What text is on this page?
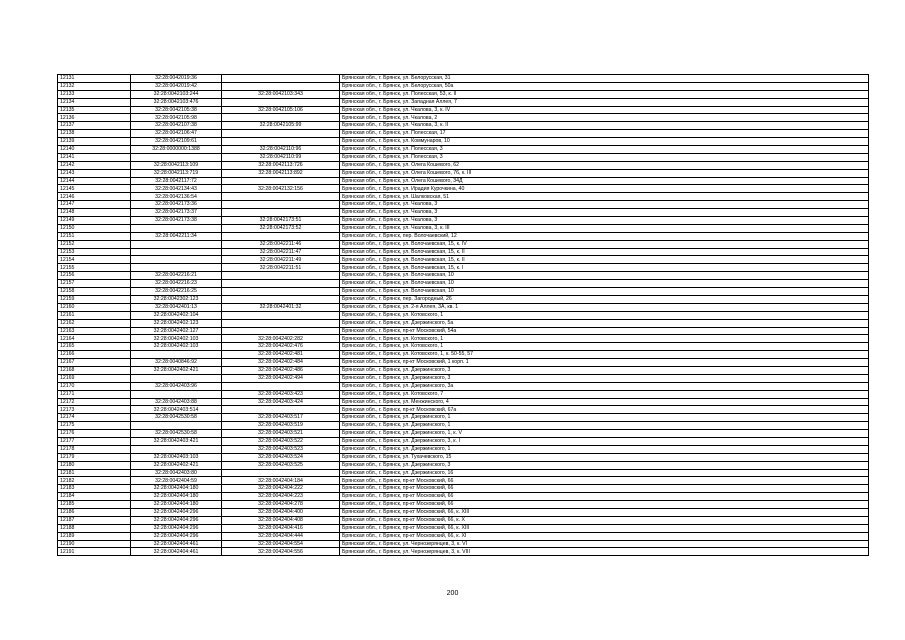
12131	32:28:0042019:36		Брянская обл., г. Брянск, ул. Белорусская, 31
12132	32:28:0042019:42		Брянская обл., г. Брянск, ул. Белорусская, 50а
12133	32:28:0042103:244	32:28:0042103:343	Брянская обл., г. Брянск, ул. Полесская, 53, к. II
12134	32:28:0042103:476		Брянская обл., г. Брянск, ул. Западная Аллея, 7
12135	32:28:0042105:38	32:28:0042105:106	Брянская обл., г. Брянск, ул. Чкалова, 3, к. IV
12136	32:28:0042105:98		Брянская обл., г. Брянск, ул. Чкалова, 2
12137	32:28:0042107:38	32:28:0042105:99	Брянская обл., г. Брянск, ул. Чкалова, 3, к. II
12138	32:28:0042106:47		Брянская обл., г. Брянск, ул. Полесская, 17
12139	32:28:0042109:61		Брянская обл., г. Брянск, ул. Коммунаров, 10
12140	32:28:0000000:1388	32:28:0042110:96	Брянская обл., г. Брянск, ул. Полесская, 3
12141		32:28:0042110:99	Брянская обл., г. Брянск, ул. Полесская, 3
12142	32:28:0042113:109	32:28:0042113:726	Брянская обл., г. Брянск, ул. Олега Кошевого, 62
12143	32:28:0042113:719	32:28:0042113:892	Брянская обл., г. Брянск, ул. Олега Кошевого, 76, к. III
12144	32:28:0042117:72		Брянская обл., г. Брянск, ул. Олега Кошевого, 34Д
12145	32:28:0042134:43	32:28:0042132:156	Брянская обл., г. Брянск, ул. Ирадия Курочкина, 40
12146	32:28:0042136:54		Брянская обл., г. Брянск, ул. Шалковская, 51
12147	32:28:0042173:36		Брянская обл., г. Брянск, ул. Чкалова, 3
12148	32:28:0042173:37		Брянская обл., г. Брянск, ул. Чкалова, 3
12149	32:28:0042173:38	32:28:0042173:51	Брянская обл., г. Брянск, ул. Чкалова, 3
12150		32:28:0042173:52	Брянская обл., г. Брянск, ул. Чкалова, 3, к. III
12151	32:28:0042211:34		Брянская обл., г. Брянск, пер. Волочаевский, 12
12152		32:28:0042211:46	Брянская обл., г. Брянск, ул. Волочаевская, 15, к. IV
12153		32:28:0042211:47	Брянская обл., г. Брянск, ул. Волочаевская, 15, к. II
12154		32:28:0042211:49	Брянская обл., г. Брянск, ул. Волочаевская, 15, к. II
12155		32:28:0042211:51	Брянская обл., г. Брянск, ул. Волочаевская, 15, к. I
12156	32:28:0042216:21		Брянская обл., г. Брянск, ул. Волочаевская, 10
12157	32:28:0042216:23		Брянская обл., г. Брянск, ул. Волочаевская, 10
12158	32:28:0042216:25		Брянская обл., г. Брянск, ул. Волочаевская, 10
12159	32:28:0042302:123		Брянская обл., г. Брянск, пер. Загородный, 26
12160	32:28:0042401:13	32:28:0042401:32	Брянская обл., г. Брянск, ул. 2-я Аллея, 3А, кв. 1
12161	32:28:0042402:104		Брянская обл., г. Брянск, ул. Котовского, 1
12162	32:28:0042402:123		Брянская обл., г. Брянск, ул. Дзержинского, 5а
12163	32:28:0042402:127		Брянская обл., г. Брянск, пр-кт Московский, 54а
12164	32:28:0042402:103	32:28:0042402:282	Брянская обл., г. Брянск, ул. Котовского, 1
12165	32:28:0042402:103	32:28:0042402:476	Брянская обл., г. Брянск, ул. Котовского, 1
12166		32:28:0042402:481	Брянская обл., г. Брянск, ул. Котовского, 1, к. 50-55, 57
12167	32:28:0040846:92	32:28:0042402:484	Брянская обл., г. Брянск, пр-кт Московский, 1 корп. 1
12168	32:28:0042402:421	32:28:0042402:486	Брянская обл., г. Брянск, ул. Дзержинского, 3
12169		32:28:0042402:494	Брянская обл., г. Брянск, ул. Дзержинского, 3
12170	32:28:0042403:96		Брянская обл., г. Брянск, ул. Дзержинского, 3а
12171		32:28:0042403:423	Брянская обл., г. Брянск, ул. Котовского, 7
12172	32:28:0042403:88	32:28:0042403:424	Брянская обл., г. Брянск, ул. Менжинского, 4
12173	32:28:0042403:514		Брянская обл., г. Брянск, пр-кт Московский, 67а
12174	32:28:0042530:58	32:28:0042403:517	Брянская обл., г. Брянск, ул. Дзержинского, 1
12175		32:28:0042403:519	Брянская обл., г. Брянск, ул. Дзержинского, 1
12176	32:28:0042530:58	32:28:0042403:521	Брянская обл., г. Брянск, ул. Дзержинского, 1, к. V
12177	32:28:0042403:421	32:28:0042403:522	Брянская обл., г. Брянск, ул. Дзержинского, 3, к. I
12178		32:28:0042403:523	Брянская обл., г. Брянск, ул. Дзержинского, 1
12179	32:28:0042403:103	32:28:0042403:524	Брянская обл., г. Брянск, ул. Тухачевского, 15
12180	32:28:0042402:421	32:28:0042403:525	Брянская обл., г. Брянск, ул. Дзержинского, 3
12181	32:28:0042403:80		Брянская обл., г. Брянск, ул. Дзержинского, 16
12182	32:28:0042404:59	32:28:0042404:184	Брянская обл., г. Брянск, пр-кт Московский, 66
12183	32:28:0042404:180	32:28:0042404:222	Брянская обл., г. Брянск, пр-кт Московский, 66
12184	32:28:0042404:180	32:28:0042404:223	Брянская обл., г. Брянск, пр-кт Московский, 66
12185	32:28:0042404:180	32:28:0042404:278	Брянская обл., г. Брянск, пр-кт Московский, 66
12186	32:28:0042404:296	32:28:0042404:400	Брянская обл., г. Брянск, пр-кт Московский, 66, к. XIII
12187	32:28:0042404:296	32:28:0042404:408	Брянская обл., г. Брянск, пр-кт Московский, 66, к. X
12188	32:28:0042404:296	32:28:0042404:416	Брянская обл., г. Брянск, пр-кт Московский, 66, к. XIII
12189	32:28:0042404:296	32:28:0042404:444	Брянская обл., г. Брянск, пр-кт Московский, 66, к. XI
12190	32:28:0042404:461	32:28:0042404:554	Брянская обл., г. Брянск, ул. Чернозерянцев, 3, к. VI
12191	32:28:0042404:461	32:28:0042404:556	Брянская обл., г. Брянск, ул. Чернозерянцев, 3, к. VIII
200
